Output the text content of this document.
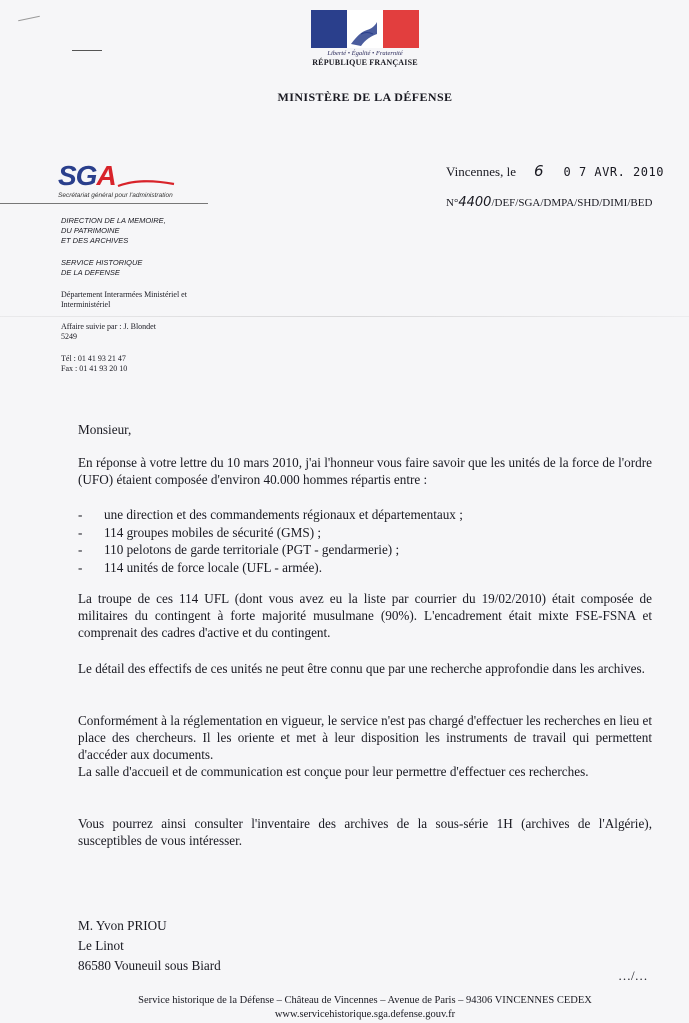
Liberté • Égalité • Fraternité
RÉPUBLIQUE FRANÇAISE
MINISTÈRE DE LA DÉFENSE
SGA
Secrétariat général pour l'administration
DIRECTION DE LA MEMOIRE,
DU PATRIMOINE
ET DES ARCHIVES
SERVICE HISTORIQUE
DE LA DEFENSE
Département Interarmées Ministériel et
Interministériel
Affaire suivie par : J. Blondet
5249
Tél : 01 41 93 21 47
Fax : 01 41 93 20 10
Vincennes, le 6 0 7 AVR. 2010
N°4400/DEF/SGA/DMPA/SHD/DIMI/BED
Monsieur,

En réponse à votre lettre du 10 mars 2010, j'ai l'honneur vous faire savoir que les unités de la force de l'ordre (UFO) étaient composée d'environ 40.000 hommes répartis entre :

-	une direction et des commandements régionaux et départementaux ;
-	114 groupes mobiles de sécurité (GMS) ;
-	110 pelotons de garde territoriale (PGT - gendarmerie) ;
-	114 unités de force locale (UFL - armée).

La troupe de ces 114 UFL (dont vous avez eu la liste par courrier du 19/02/2010) était composée de militaires du contingent à forte majorité musulmane (90%). L'encadrement était mixte FSE-FSNA et comprenait des cadres d'active et du contingent.

Le détail des effectifs de ces unités ne peut être connu que par une recherche approfondie dans les archives.

Conformément à la réglementation en vigueur, le service n'est pas chargé d'effectuer les recherches en lieu et place des chercheurs. Il les oriente et met à leur disposition les instruments de travail qui permettent d'accéder aux documents.

La salle d'accueil et de communication est conçue pour leur permettre d'effectuer ces recherches.

Vous pourrez ainsi consulter l'inventaire des archives de la sous-série 1H (archives de l'Algérie), susceptibles de vous intéresser.

M. Yvon PRIOU
Le Linot
86580 Vouneuil sous Biard
…/…
Service historique de la Défense – Château de Vincennes – Avenue de Paris – 94306 VINCENNES CEDEX
www.servicehistorique.sga.defense.gouv.fr
